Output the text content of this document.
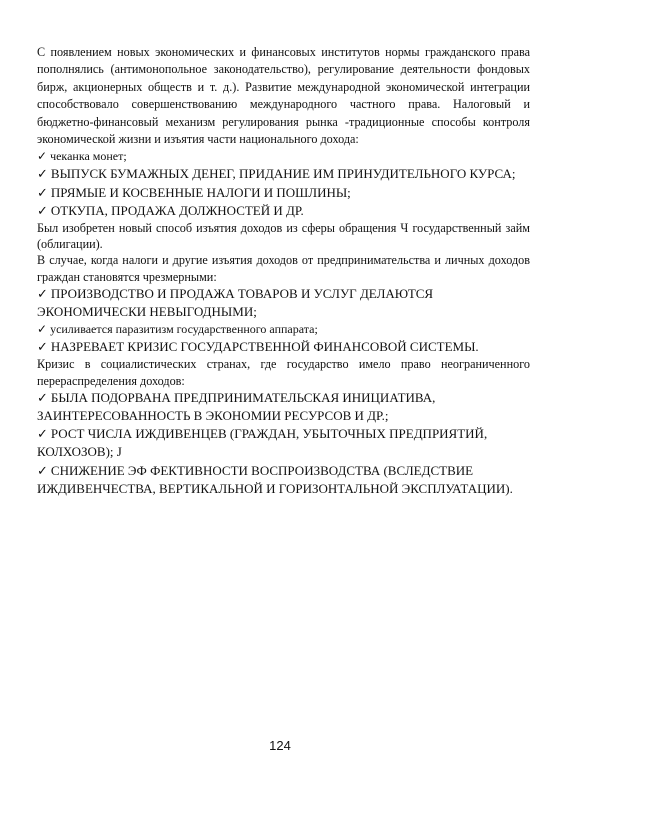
С появлением новых экономических и финансовых институтов нормы гражданского права пополнялись (антимонопольное законодательство), регулирование деятельности фондовых бирж, акционерных обществ и т. д.). Развитие международной экономической интеграции способствовало совершенствованию международного частного права. Налоговый и бюджетно-финансовый механизм регулирования рынка -традиционные способы контроля экономической жизни и изъятия части национального дохода:

✓ чеканка монет;

✓ ВЫПУСК БУМАЖНЫХ ДЕНЕГ, ПРИДАНИЕ ИМ ПРИНУДИТЕЛЬНОГО КУРСА;

✓ ПРЯМЫЕ И КОСВЕННЫЕ НАЛОГИ И ПОШЛИНЫ;

✓ ОТКУПА, ПРОДАЖА ДОЛЖНОСТЕЙ И ДР.

Был изобретен новый способ изъятия доходов из сферы обращения Ч государственный займ (облигации).

В случае, когда налоги и другие изъятия доходов от предпринимательства и личных доходов граждан становятся чрезмерными:

✓ ПРОИЗВОДСТВО И ПРОДАЖА ТОВАРОВ И УСЛУГ ДЕЛАЮТСЯ ЭКОНОМИЧЕСКИ НЕВЫГОДНЫМИ;

✓ усиливается паразитизм государственного аппарата;

✓ НАЗРЕВАЕТ КРИЗИС ГОСУДАРСТВЕННОЙ ФИНАНСОВОЙ СИСТЕМЫ.

Кризис в социалистических странах, где государство имело право неограниченного перераспределения доходов:

✓ БЫЛА ПОДОРВАНА ПРЕДПРИНИМАТЕЛЬСКАЯ ИНИЦИАТИВА, ЗАИНТЕРЕСОВАННОСТЬ В ЭКОНОМИИ РЕСУРСОВ И ДР.;

✓ РОСТ ЧИСЛА ИЖДИВЕНЦЕВ (ГРАЖДАН, УБЫТОЧНЫХ ПРЕДПРИЯТИЙ, КОЛХОЗОВ); J

✓ СНИЖЕНИЕ ЭФ ФЕКТИВНОСТИ ВОСПРОИЗВОДСТВА (ВСЛЕДСТВИЕ ИЖДИВЕНЧЕСТВА, ВЕРТИКАЛЬНОЙ И ГОРИЗОНТАЛЬНОЙ ЭКСПЛУАТАЦИИ).

124
